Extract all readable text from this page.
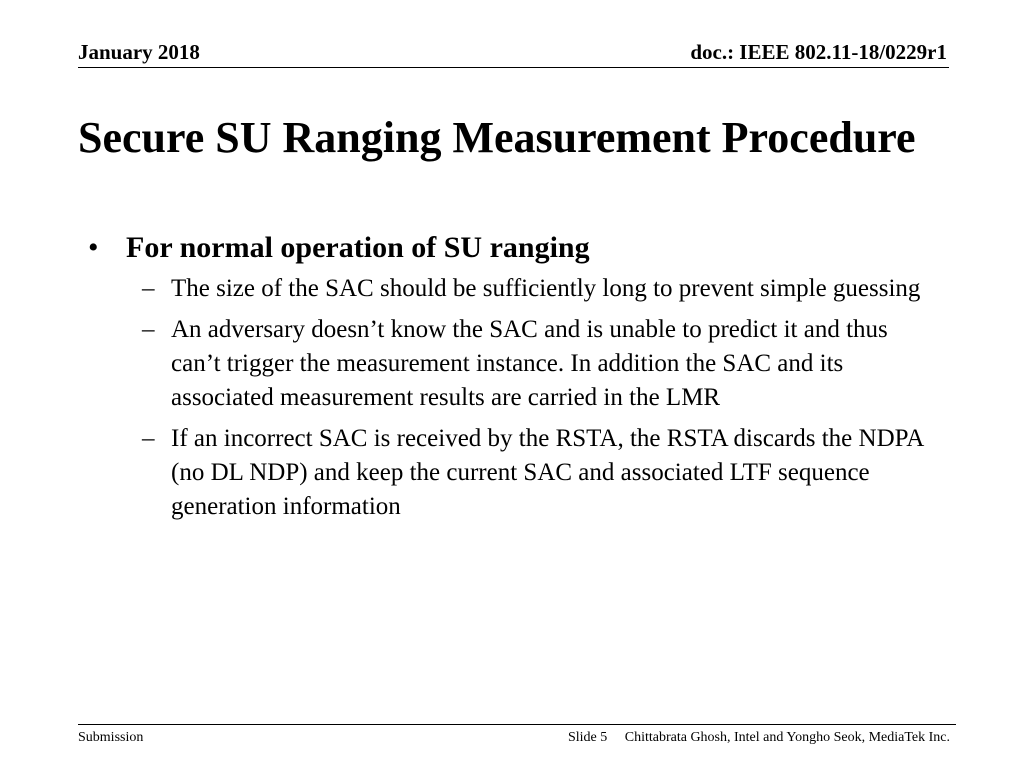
January 2018	doc.: IEEE 802.11-18/0229r1
Secure SU Ranging Measurement Procedure
• For normal operation of SU ranging
– The size of the SAC should be sufficiently long to prevent simple guessing
– An adversary doesn’t know the SAC and is unable to predict it and thus can’t trigger the measurement instance. In addition the SAC and its associated measurement results are carried in the LMR
– If an incorrect SAC is received by the RSTA, the RSTA discards the NDPA (no DL NDP) and keep the current SAC and associated LTF sequence generation information
Submission	Slide 5 Chittabrata Ghosh, Intel and Yongho Seok, MediaTek Inc.
